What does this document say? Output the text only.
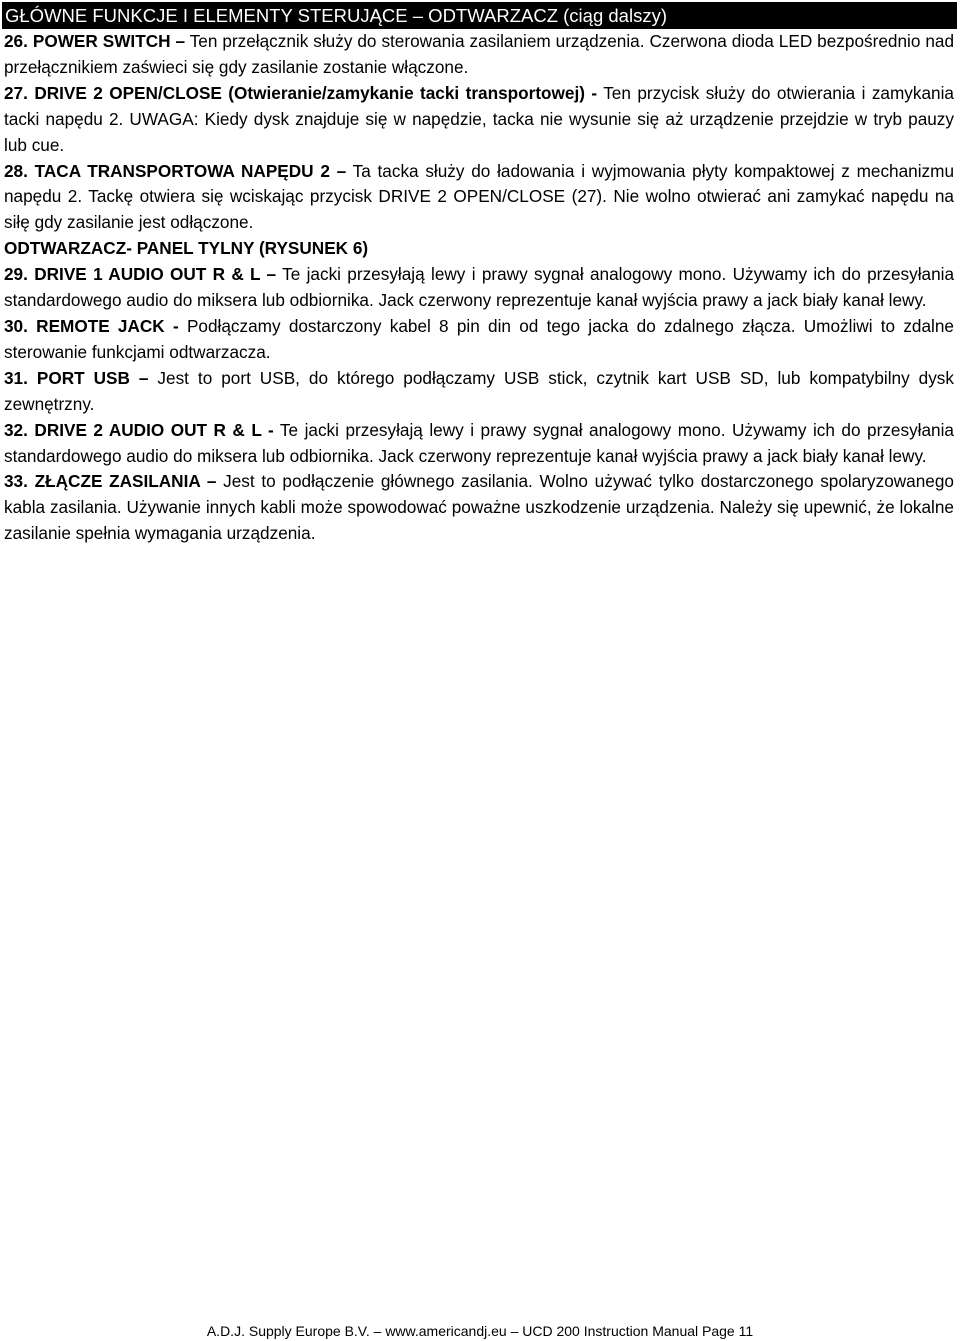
GŁÓWNE FUNKCJE I ELEMENTY STERUJĄCE – ODTWARZACZ (ciąg dalszy)

26. POWER SWITCH – Ten przełącznik służy do sterowania zasilaniem urządzenia. Czerwona dioda LED bezpośrednio nad przełącznikiem zaświeci się gdy zasilanie zostanie włączone.

27. DRIVE 2 OPEN/CLOSE (Otwieranie/zamykanie tacki transportowej) - Ten przycisk służy do otwierania i zamykania tacki napędu 2. UWAGA: Kiedy dysk znajduje się w napędzie, tacka nie wysunie się aż urządzenie przejdzie w tryb pauzy lub cue.

28. TACA TRANSPORTOWA NAPĘDU 2 – Ta tacka służy do ładowania i wyjmowania płyty kompaktowej z mechanizmu napędu 2. Tackę otwiera się wciskając przycisk DRIVE 2 OPEN/CLOSE (27). Nie wolno otwierać ani zamykać napędu na siłę gdy zasilanie jest odłączone.

ODTWARZACZ- PANEL TYLNY (RYSUNEK 6)

29. DRIVE 1 AUDIO OUT R & L – Te jacki przesyłają lewy i prawy sygnał analogowy mono. Używamy ich do przesyłania standardowego audio do miksera lub odbiornika. Jack czerwony reprezentuje kanał wyjścia prawy a jack biały kanał lewy.

30. REMOTE JACK - Podłączamy dostarczony kabel 8 pin din od tego jacka do zdalnego złącza. Umożliwi to zdalne sterowanie funkcjami odtwarzacza.

31. PORT USB – Jest to port USB, do którego podłączamy USB stick, czytnik kart USB SD, lub kompatybilny dysk zewnętrzny.

32. DRIVE 2 AUDIO OUT R & L - Te jacki przesyłają lewy i prawy sygnał analogowy mono. Używamy ich do przesyłania standardowego audio do miksera lub odbiornika. Jack czerwony reprezentuje kanał wyjścia prawy a jack biały kanał lewy.

33. ZŁĄCZE ZASILANIA – Jest to podłączenie głównego zasilania. Wolno używać tylko dostarczonego spolaryzowanego kabla zasilania. Używanie innych kabli może spowodować poważne uszkodzenie urządzenia. Należy się upewnić, że lokalne zasilanie spełnia wymagania urządzenia.

A.D.J. Supply Europe B.V. – www.americandj.eu – UCD 200 Instruction Manual Page 11
